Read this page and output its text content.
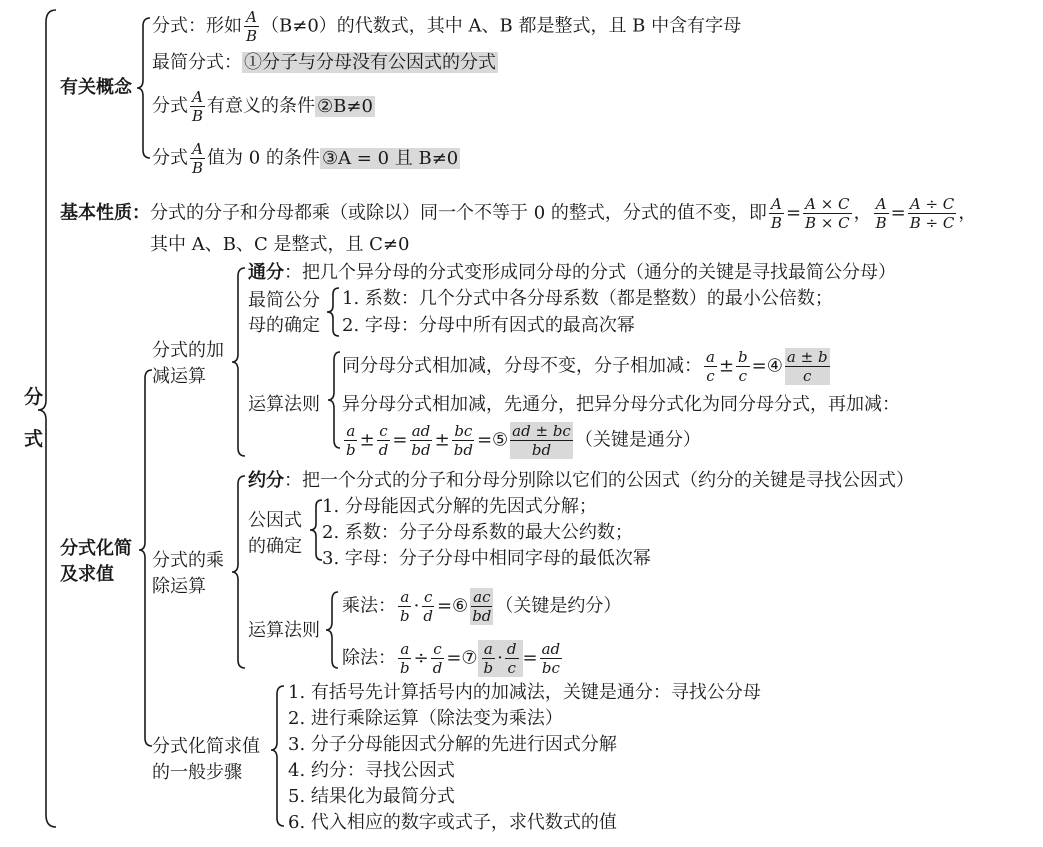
分
式
有关概念
分式：形如 $\frac{A}{B} (B\ne 0)$的代数式，其中 A、B 都是整式，且 B 中含有字母
最简分式： ①分子与分母没有公因式的分式
分式 $\frac{A}{B}$ 有意义的条件 ②B≠0
分式 $\frac{A}{B}$ 值为 0 的条件 ③A = 0 且 B≠0
基本性质：分式的分子和分母都乘（或除以）同一个不等于 0 的整式，分式的值不变，即 $\frac{A}{B} = \frac{A \times C}{B \times C}$ ， $\frac{A}{B} = \frac{A \div C}{B \div C}$ ，
其中 A、B、C 是整式，且 C≠0
分式化简
及求值
分式的加
减运算
通分：把几个异分母的分式变形成同分母的分式（通分的关键是寻找最简公分母）
最简公分
母的确定
1. 系数：几个分式中各分母系数（都是整数）的最小公倍数；
2. 字母：分母中所有因式的最高次幂
运算法则
同分母分式相加减，分母不变，分子相加减： $\frac{a}{c} \pm \frac{b}{c}$ =④ $\frac{a \pm b}{c}$
异分母分式相加减，先通分，把异分母分式化为同分母分式，再加减：
$\frac{a}{b} \pm \frac{c}{d} = \frac{ad}{bd} \pm \frac{bc}{bd}$ =⑤ $\frac{ad \pm bc}{bd}$ （关键是通分）
分式的乘
除运算
约分：把一个分式的分子和分母分别除以它们的公因式（约分的关键是寻找公因式）
公因式
的确定
1. 分母能因式分解的先因式分解；
2. 系数：分子分母系数的最大公约数；
3. 字母：分子分母中相同字母的最低次幂
运算法则
乘法： $\frac{a}{b} \cdot \frac{c}{d}$ =⑥ $\frac{ac}{bd}$ （关键是约分）
除法： $\frac{a}{b} \div \frac{c}{d}$ =⑦ $\frac{a}{b} \cdot \frac{d}{c} = \frac{ad}{bc}$
分式化简求值
的一般步骤
1. 有括号先计算括号内的加减法，关键是通分：寻找公分母
2. 进行乘除运算（除法变为乘法）
3. 分子分母能因式分解的先进行因式分解
4. 约分：寻找公因式
5. 结果化为最简分式
6. 代入相应的数字或式子，求代数式的值
